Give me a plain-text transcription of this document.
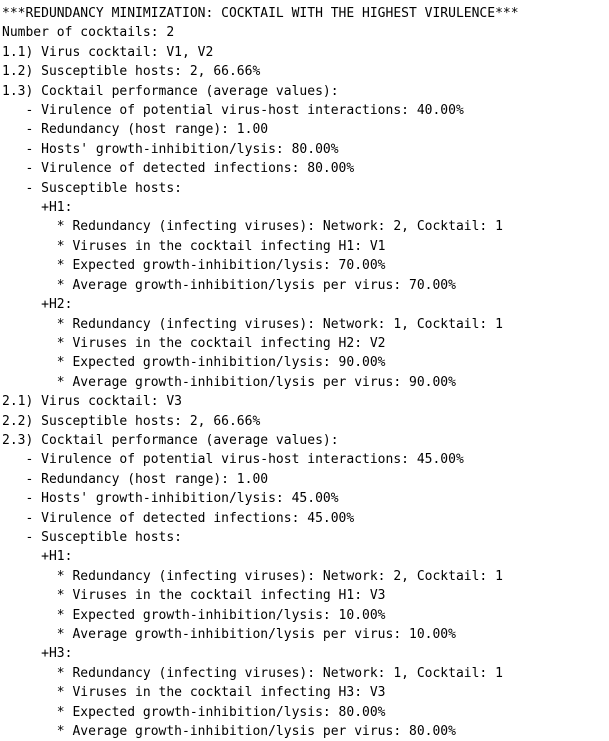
***REDUNDANCY MINIMIZATION: COCKTAIL WITH THE HIGHEST VIRULENCE***
Number of cocktails: 2
1.1) Virus cocktail: V1, V2
1.2) Susceptible hosts: 2, 66.66%
1.3) Cocktail performance (average values):
- Virulence of potential virus-host interactions: 40.00%
- Redundancy (host range): 1.00
- Hosts' growth-inhibition/lysis: 80.00%
- Virulence of detected infections: 80.00%
- Susceptible hosts:
+H1:
* Redundancy (infecting viruses): Network: 2, Cocktail: 1
* Viruses in the cocktail infecting H1: V1
* Expected growth-inhibition/lysis: 70.00%
* Average growth-inhibition/lysis per virus: 70.00%
+H2:
* Redundancy (infecting viruses): Network: 1, Cocktail: 1
* Viruses in the cocktail infecting H2: V2
* Expected growth-inhibition/lysis: 90.00%
* Average growth-inhibition/lysis per virus: 90.00%
2.1) Virus cocktail: V3
2.2) Susceptible hosts: 2, 66.66%
2.3) Cocktail performance (average values):
- Virulence of potential virus-host interactions: 45.00%
- Redundancy (host range): 1.00
- Hosts' growth-inhibition/lysis: 45.00%
- Virulence of detected infections: 45.00%
- Susceptible hosts:
+H1:
* Redundancy (infecting viruses): Network: 2, Cocktail: 1
* Viruses in the cocktail infecting H1: V3
* Expected growth-inhibition/lysis: 10.00%
* Average growth-inhibition/lysis per virus: 10.00%
+H3:
* Redundancy (infecting viruses): Network: 1, Cocktail: 1
* Viruses in the cocktail infecting H3: V3
* Expected growth-inhibition/lysis: 80.00%
* Average growth-inhibition/lysis per virus: 80.00%
